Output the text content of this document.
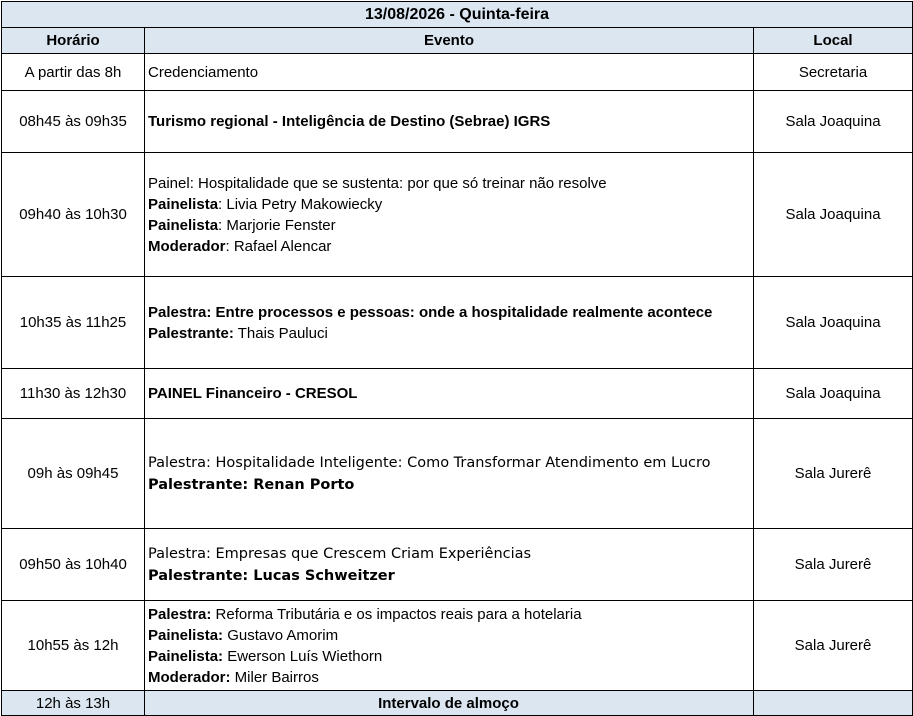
13/08/2026 - Quinta-feira		
Horário	Evento	Local
A partir das 8h	Credenciamento	Secretaria
08h45 às 09h35	Turismo regional - Inteligência de Destino (Sebrae) IGRS	Sala Joaquina
09h40 às 10h30	Painel: Hospitalidade que se sustenta: por que só treinar não resolve
Painelista: Livia Petry Makowiecky
Painelista: Marjorie Fenster
Moderador: Rafael Alencar	Sala Joaquina
10h35 às 11h25	Palestra: Entre processos e pessoas: onde a hospitalidade realmente acontece
Palestrante: Thais Pauluci	Sala Joaquina
11h30 às 12h30	PAINEL Financeiro - CRESOL	Sala Joaquina
09h às 09h45	Palestra: Hospitalidade Inteligente: Como Transformar Atendimento em Lucro
Palestrante: Renan Porto	Sala Jurerê
09h50 às 10h40	Palestra: Empresas que Crescem Criam Experiências
Palestrante: Lucas Schweitzer	Sala Jurerê
10h55 às 12h	Palestra: Reforma Tributária e os impactos reais para a hotelaria
Painelista: Gustavo Amorim
Painelista: Ewerson Luís Wiethorn
Moderador: Miler Bairros	Sala Jurerê
12h às 13h	Intervalo de almoço	
